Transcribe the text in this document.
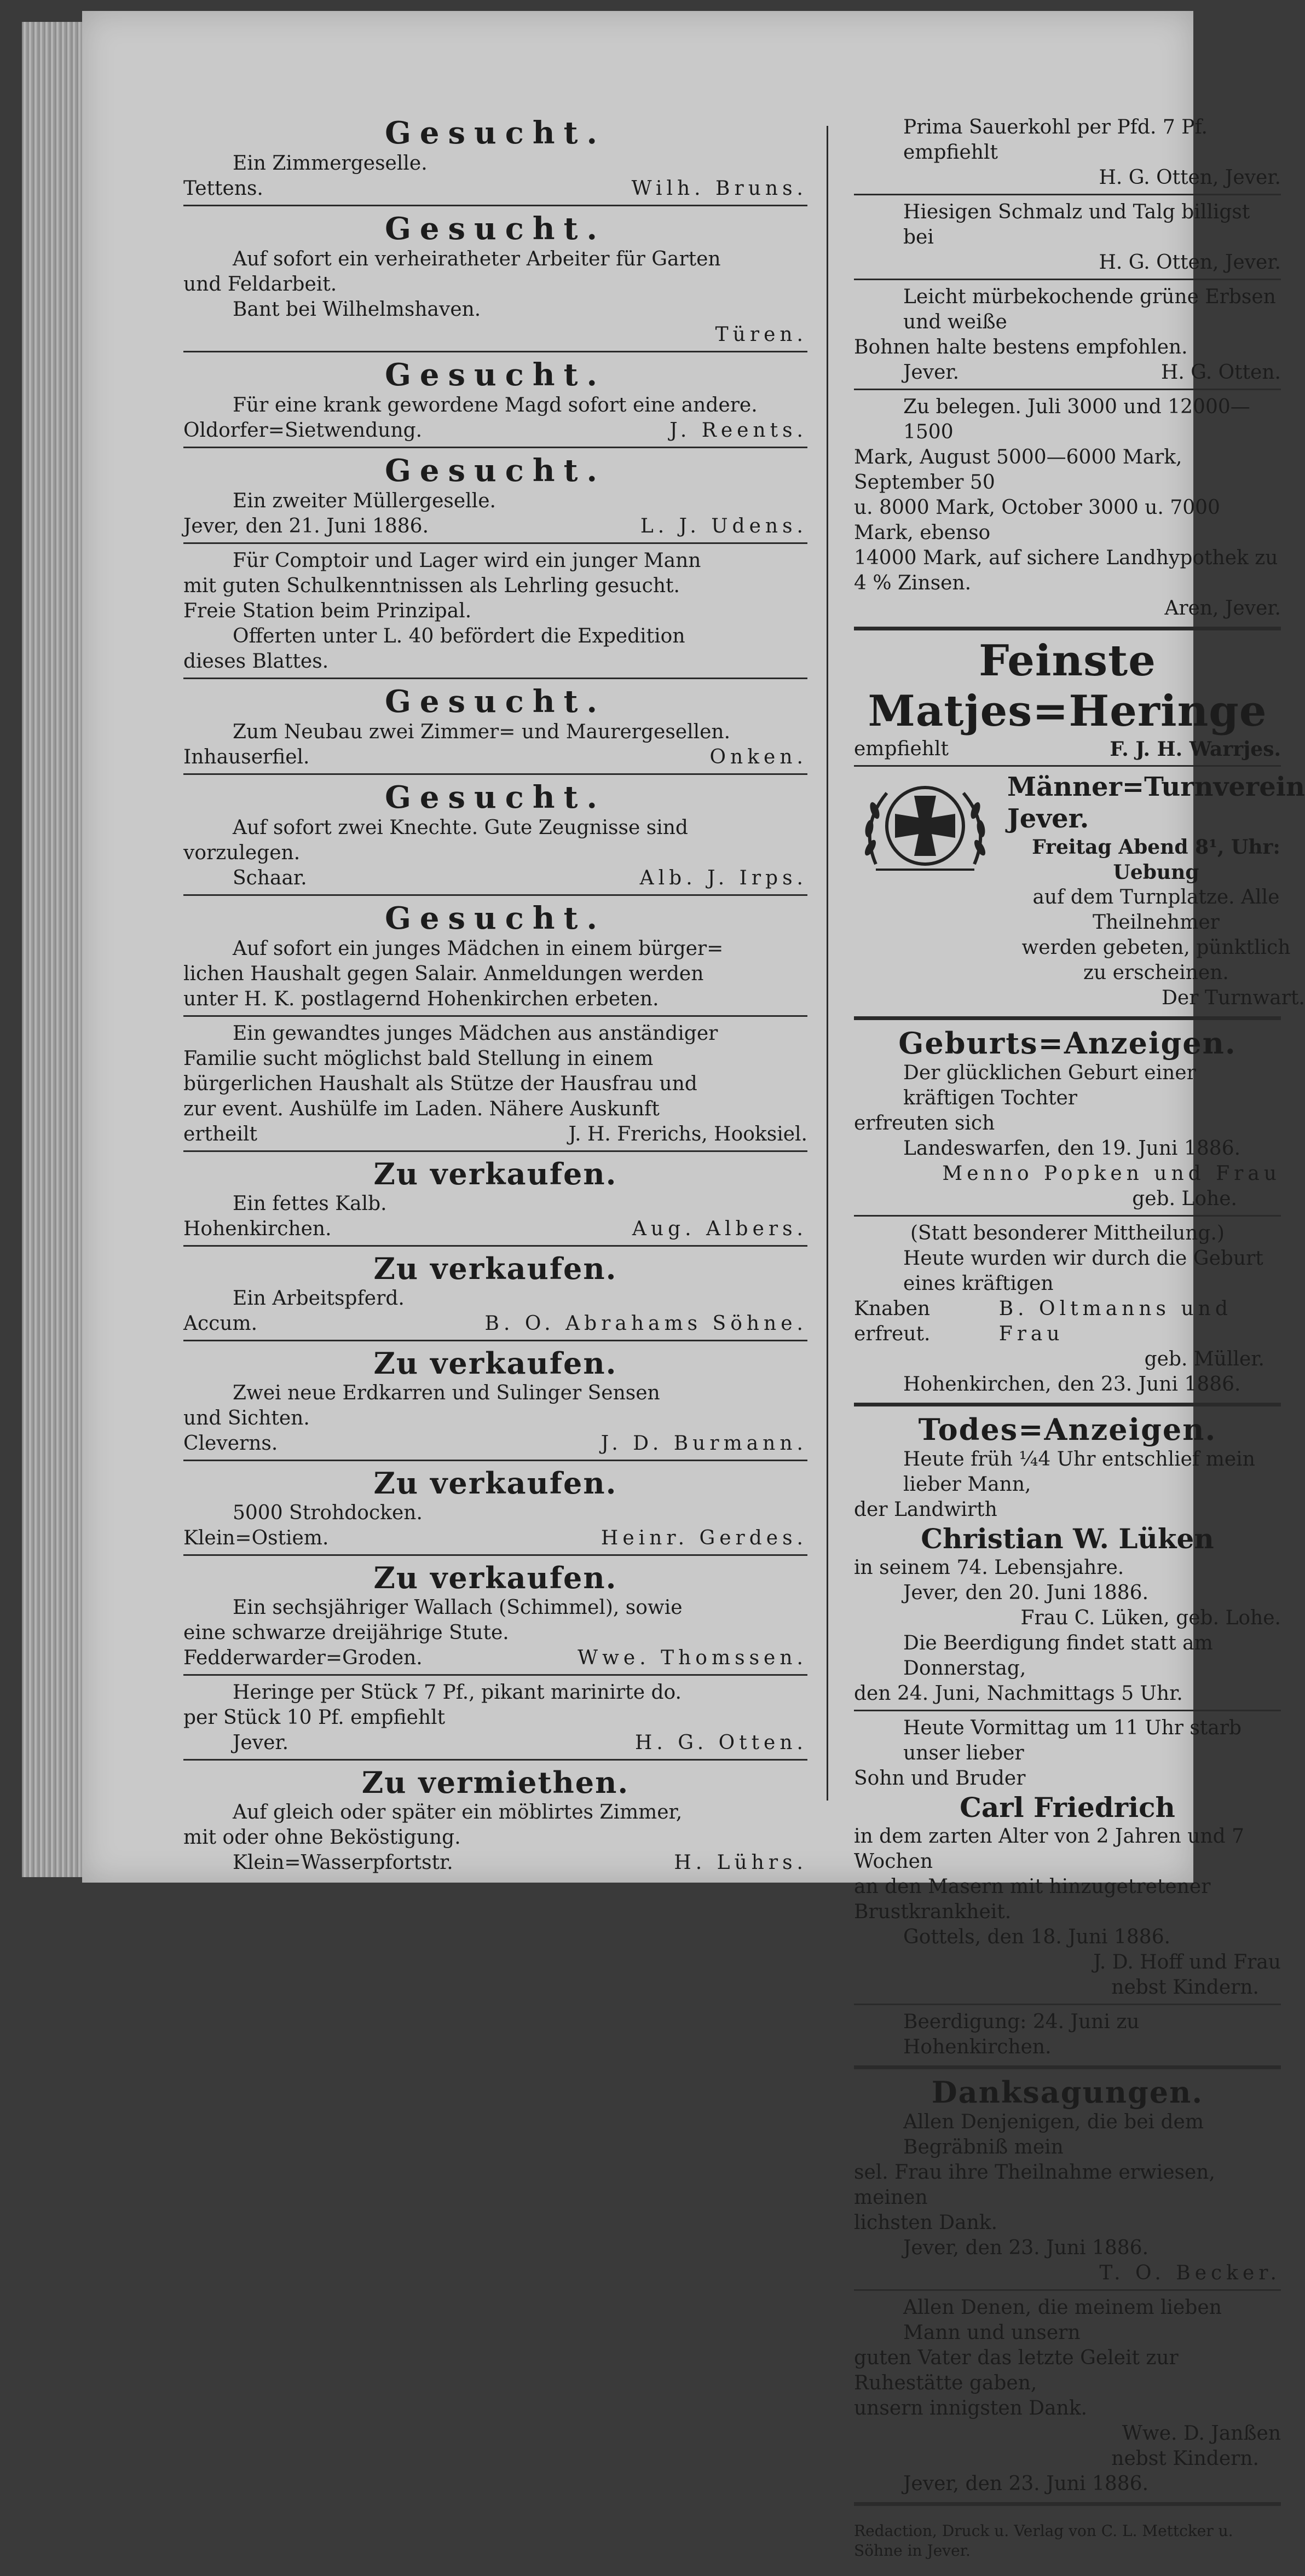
Gesucht.

Ein Zimmergeselle.

Tettens.	Wilh. Bruns.

Gesucht.

Auf sofort ein verheiratheter Arbeiter für Garten

und Feldarbeit.

Bant bei Wilhelmshaven.

Türen.

Gesucht.

Für eine krank gewordene Magd sofort eine andere.

Oldorfer=Sietwendung.	J. Reents.

Gesucht.

Ein zweiter Müllergeselle.

Jever, den 21. Juni 1886.	L. J. Udens.

Für Comptoir und Lager wird ein junger Mann

mit guten Schulkenntnissen als Lehrling gesucht.

Freie Station beim Prinzipal.

Offerten unter L. 40 befördert die Expedition

dieses Blattes.

Gesucht.

Zum Neubau zwei Zimmer= und Maurergesellen.

Inhauserfiel.	Onken.

Gesucht.

Auf sofort zwei Knechte. Gute Zeugnisse sind

vorzulegen.

Schaar.	Alb. J. Irps.

Gesucht.

Auf sofort ein junges Mädchen in einem bürger=

lichen Haushalt gegen Salair. Anmeldungen werden

unter H. K. postlagernd Hohenkirchen erbeten.

Ein gewandtes junges Mädchen aus anständiger

Familie sucht möglichst bald Stellung in einem

bürgerlichen Haushalt als Stütze der Hausfrau und

zur event. Aushülfe im Laden. Nähere Auskunft

ertheilt	J. H. Frerichs, Hooksiel.

Zu verkaufen.

Ein fettes Kalb.

Hohenkirchen.	Aug. Albers.

Zu verkaufen.

Ein Arbeitspferd.

Accum.	B. O. Abrahams Söhne.

Zu verkaufen.

Zwei neue Erdkarren und Sulinger Sensen

und Sichten.

Cleverns.	J. D. Burmann.

Zu verkaufen.

5000 Strohdocken.

Klein=Ostiem.	Heinr. Gerdes.

Zu verkaufen.

Ein sechsjähriger Wallach (Schimmel), sowie

eine schwarze dreijährige Stute.

Fedderwarder=Groden.	Wwe. Thomssen.

Heringe per Stück 7 Pf., pikant marinirte do.

per Stück 10 Pf. empfiehlt

Jever.	H. G. Otten.

Zu vermiethen.

Auf gleich oder später ein möblirtes Zimmer,

mit oder ohne Beköstigung.

Klein=Wasserpfortstr.	H. Lührs.

Prima Sauerkohl per Pfd. 7 Pf. empfiehlt

H. G. Otten, Jever.

Hiesigen Schmalz und Talg billigst bei

H. G. Otten, Jever.

Leicht mürbekochende grüne Erbsen und weiße

Bohnen halte bestens empfohlen.

Jever.	H. G. Otten.

Zu belegen. Juli 3000 und 12000—1500

Mark, August 5000—6000 Mark, September 50

u. 8000 Mark, October 3000 u. 7000 Mark, ebenso

14000 Mark, auf sichere Landhypothek zu 4 % Zinsen.

Aren, Jever.
Feinste Matjes=Heringe
empfiehlt	F. J. H. Warrjes.
Männer=Turnverein Jever.

Freitag Abend 8¹, Uhr: Uebung

auf dem Turnplatze. Alle Theilnehmer

werden gebeten, pünktlich zu erscheinen.

Der Turnwart.

Geburts=Anzeigen.

Der glücklichen Geburt einer kräftigen Tochter

erfreuten sich

Landeswarfen, den 19. Juni 1886.

Menno Popken und Frau
geb. Lohe.

(Statt besonderer Mittheilung.)

Heute wurden wir durch die Geburt eines kräftigen

Knaben erfreut.
B. Oltmanns und Frau
geb. Müller.

Hohenkirchen, den 23. Juni 1886.

Todes=Anzeigen.

Heute früh ¼4 Uhr entschlief mein lieber Mann,

der Landwirth

Christian W. Lüken

in seinem 74. Lebensjahre.

Jever, den 20. Juni 1886.

Frau C. Lüken, geb. Lohe.

Die Beerdigung findet statt am Donnerstag,

den 24. Juni, Nachmittags 5 Uhr.

Heute Vormittag um 11 Uhr starb unser lieber

Sohn und Bruder

Carl Friedrich

in dem zarten Alter von 2 Jahren und 7 Wochen

an den Masern mit hinzugetretener Brustkrankheit.

Gottels, den 18. Juni 1886.

J. D. Hoff und Frau
nebst Kindern.

Beerdigung: 24. Juni zu Hohenkirchen.

Danksagungen.

Allen Denjenigen, die bei dem Begräbniß mein

sel. Frau ihre Theilnahme erwiesen, meinen

lichsten Dank.

Jever, den 23. Juni 1886.

T. O. Becker.

Allen Denen, die meinem lieben Mann und unsern

guten Vater das letzte Geleit zur Ruhestätte gaben,

unsern innigsten Dank.

Wwe. D. Janßen
nebst Kindern.

Jever, den 23. Juni 1886.

Redaction, Druck u. Verlag von C. L. Mettcker u. Söhne in Jever.
